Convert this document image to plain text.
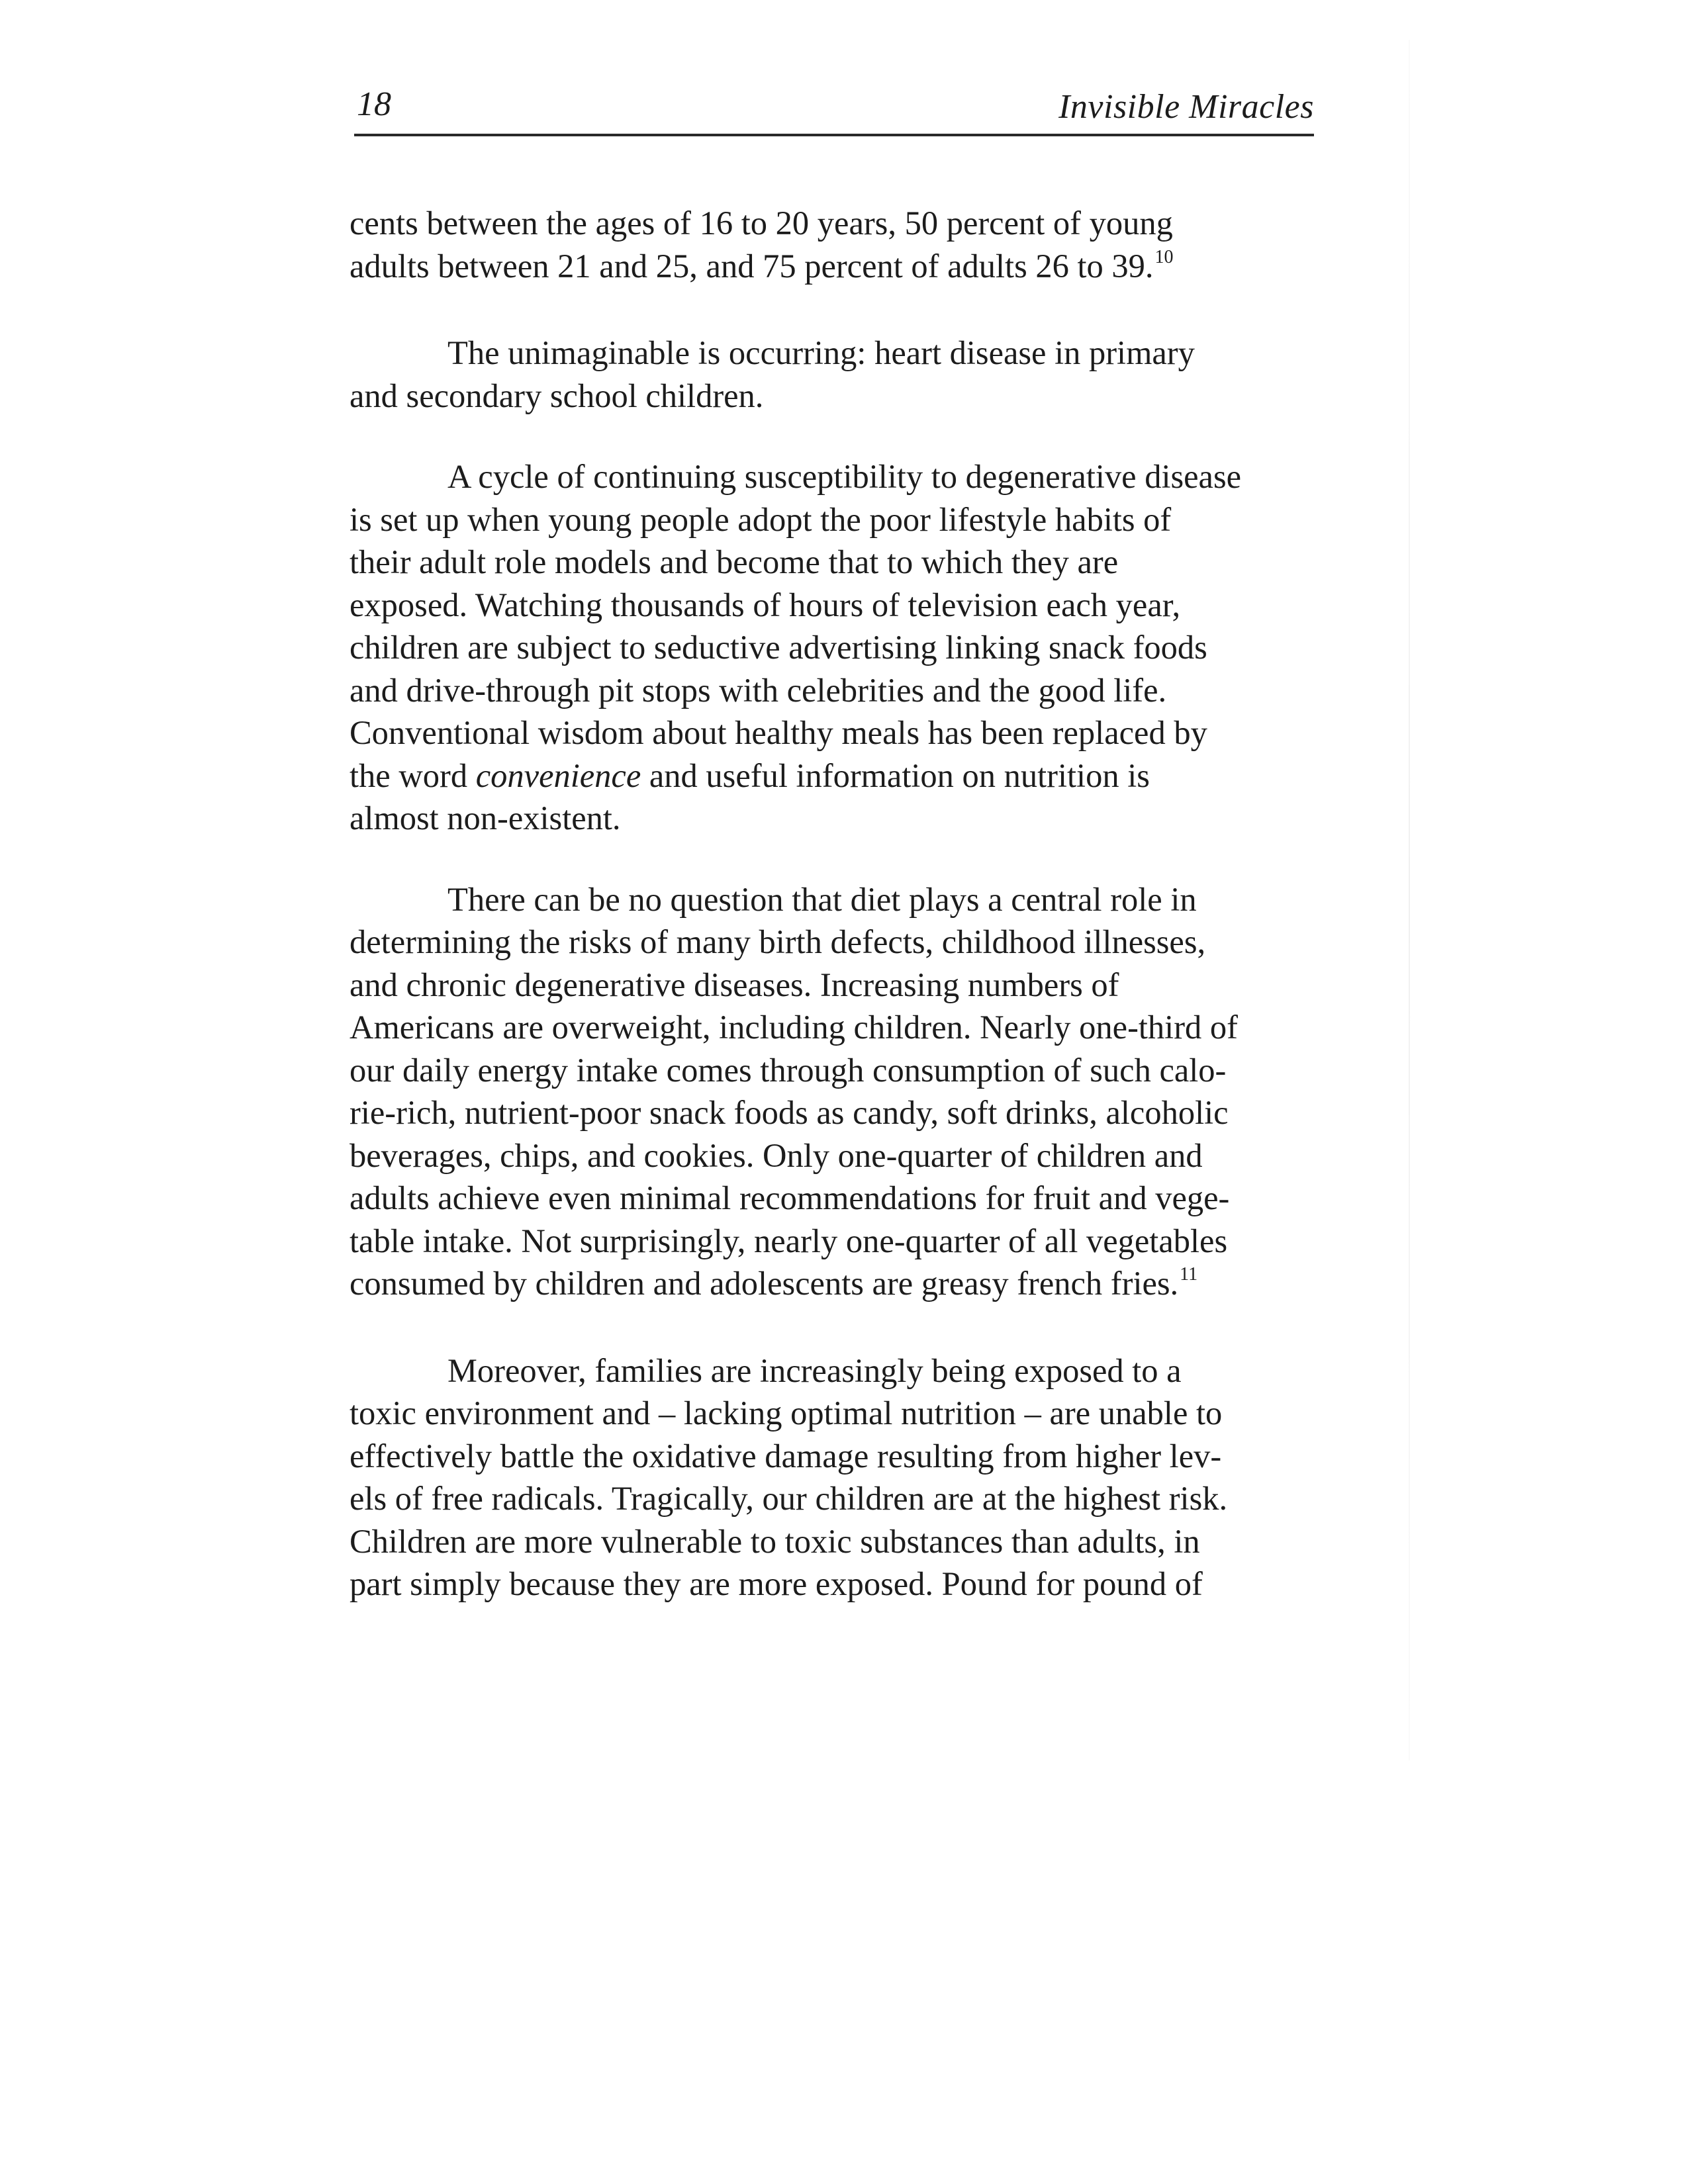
18	Invisible Miracles

cents between the ages of 16 to 20 years, 50 percent of young
adults between 21 and 25, and 75 percent of adults 26 to 39.10

The unimaginable is occurring: heart disease in primary
and secondary school children.

A cycle of continuing susceptibility to degenerative disease
is set up when young people adopt the poor lifestyle habits of
their adult role models and become that to which they are
exposed. Watching thousands of hours of television each year,
children are subject to seductive advertising linking snack foods
and drive-through pit stops with celebrities and the good life.
Conventional wisdom about healthy meals has been replaced by
the word convenience and useful information on nutrition is
almost non-existent.

There can be no question that diet plays a central role in
determining the risks of many birth defects, childhood illnesses,
and chronic degenerative diseases. Increasing numbers of
Americans are overweight, including children. Nearly one-third of
our daily energy intake comes through consumption of such calo-
rie-rich, nutrient-poor snack foods as candy, soft drinks, alcoholic
beverages, chips, and cookies. Only one-quarter of children and
adults achieve even minimal recommendations for fruit and vege-
table intake. Not surprisingly, nearly one-quarter of all vegetables
consumed by children and adolescents are greasy french fries.$^{11}$

Moreover, families are increasingly being exposed to a
toxic environment and – lacking optimal nutrition – are unable to
effectively battle the oxidative damage resulting from higher lev-
els of free radicals. Tragically, our children are at the highest risk.
Children are more vulnerable to toxic substances than adults, in
part simply because they are more exposed. Pound for pound of
